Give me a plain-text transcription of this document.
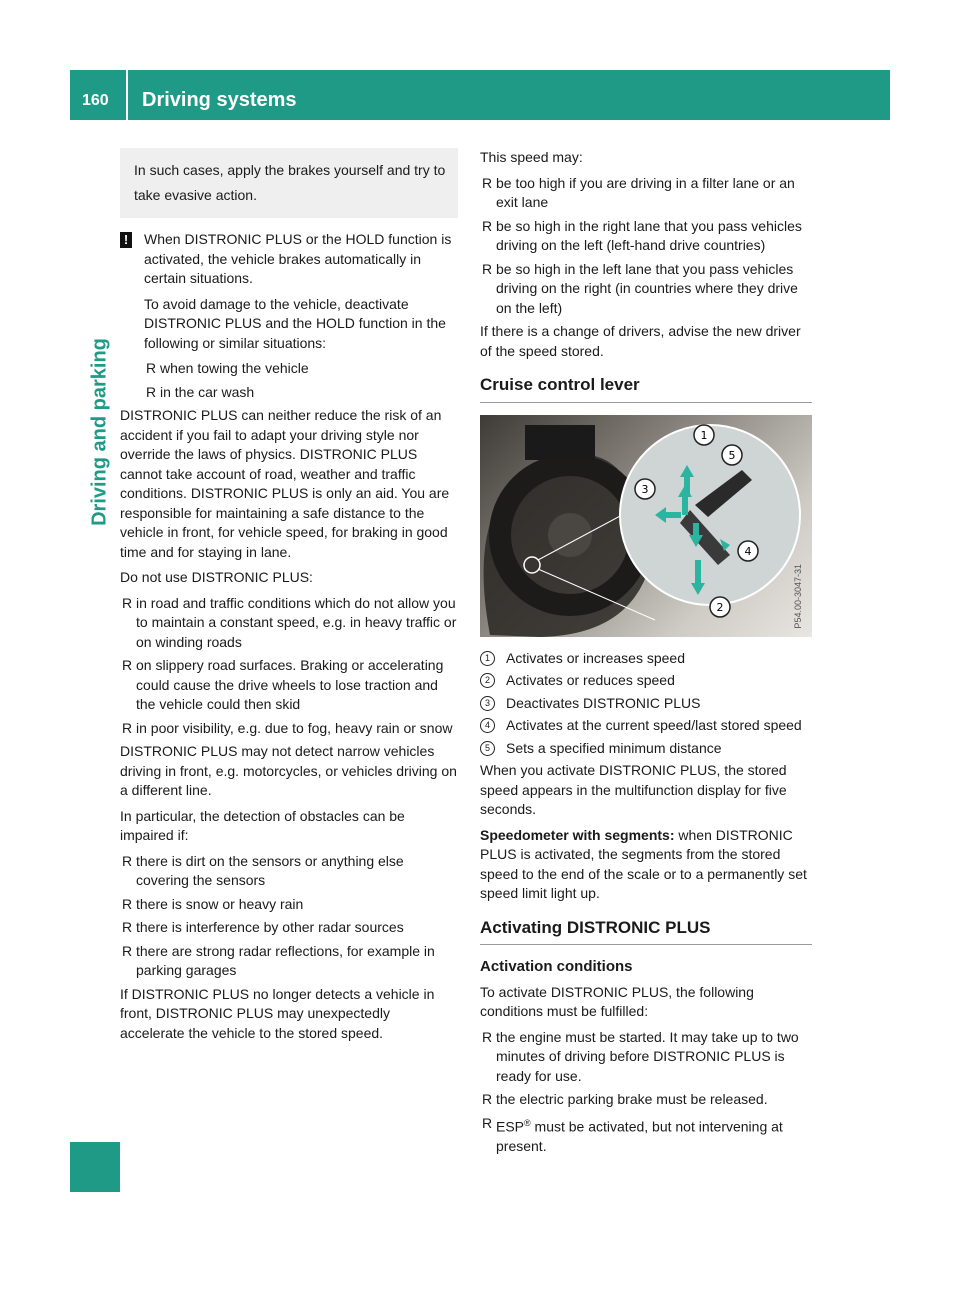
160 Driving systems
Driving and parking
In such cases, apply the brakes yourself and try to take evasive action.

! When DISTRONIC PLUS or the HOLD function is activated, the vehicle brakes automatically in certain situations.

To avoid damage to the vehicle, deactivate DISTRONIC PLUS and the HOLD function in the following or similar situations:

R when towing the vehicle
R in the car wash

DISTRONIC PLUS can neither reduce the risk of an accident if you fail to adapt your driving style nor override the laws of physics. DISTRONIC PLUS cannot take account of road, weather and traffic conditions. DISTRONIC PLUS is only an aid. You are responsible for maintaining a safe distance to the vehicle in front, for vehicle speed, for braking in good time and for staying in lane.

Do not use DISTRONIC PLUS:

R in road and traffic conditions which do not allow you to maintain a constant speed, e.g. in heavy traffic or on winding roads
R on slippery road surfaces. Braking or accelerating could cause the drive wheels to lose traction and the vehicle could then skid
R in poor visibility, e.g. due to fog, heavy rain or snow

DISTRONIC PLUS may not detect narrow vehicles driving in front, e.g. motorcycles, or vehicles driving on a different line.

In particular, the detection of obstacles can be impaired if:

R there is dirt on the sensors or anything else covering the sensors
R there is snow or heavy rain
R there is interference by other radar sources
R there are strong radar reflections, for example in parking garages

If DISTRONIC PLUS no longer detects a vehicle in front, DISTRONIC PLUS may unexpectedly accelerate the vehicle to the stored speed.

This speed may:

R be too high if you are driving in a filter lane or an exit lane
R be so high in the right lane that you pass vehicles driving on the left (left-hand drive countries)
R be so high in the left lane that you pass vehicles driving on the right (in countries where they drive on the left)

If there is a change of drivers, advise the new driver of the speed stored.

Cruise control lever
1
2
3
4
5
P54.00-3047-31
1	Activates or increases speed
2	Activates or reduces speed
3	Deactivates DISTRONIC PLUS
4	Activates at the current speed/last stored speed
5	Sets a specified minimum distance

When you activate DISTRONIC PLUS, the stored speed appears in the multifunction display for five seconds.

Speedometer with segments: when DISTRONIC PLUS is activated, the segments from the stored speed to the end of the scale or to a permanently set speed limit light up.

Activating DISTRONIC PLUS
Activation conditions

To activate DISTRONIC PLUS, the following conditions must be fulfilled:

R the engine must be started. It may take up to two minutes of driving before DISTRONIC PLUS is ready for use.
R the electric parking brake must be released.
R ESP® must be activated, but not intervening at present.
